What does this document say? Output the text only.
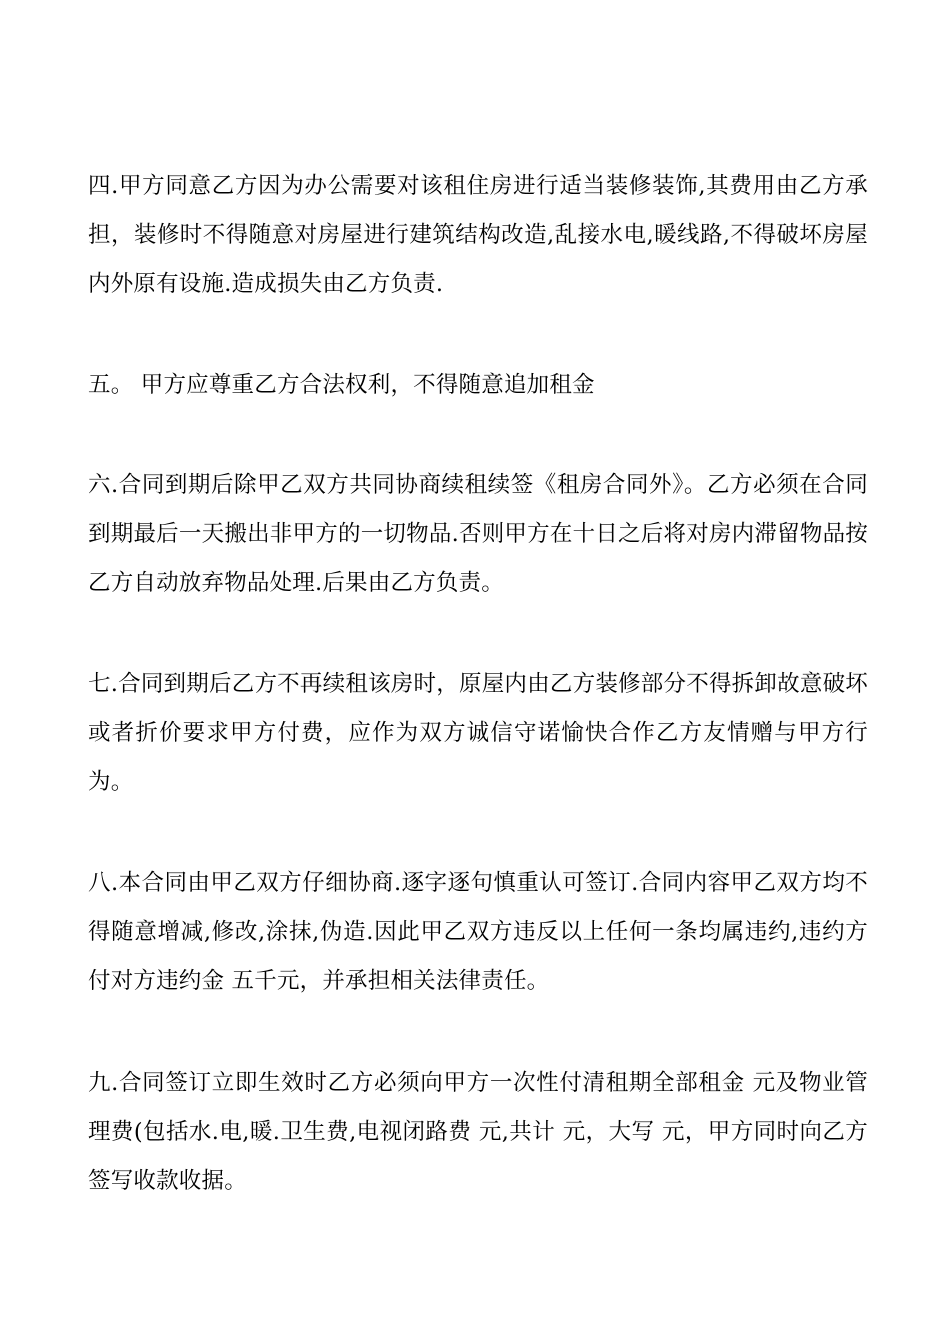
四.甲方同意乙方因为办公需要对该租住房进行适当装修装饰,其费用由乙方承担，装修时不得随意对房屋进行建筑结构改造,乱接水电,暖线路,不得破坏房屋内外原有设施.造成损失由乙方负责.

五。 甲方应尊重乙方合法权利，不得随意追加租金

六.合同到期后除甲乙双方共同协商续租续签《租房合同外》。乙方必须在合同到期最后一天搬出非甲方的一切物品.否则甲方在十日之后将对房内滞留物品按乙方自动放弃物品处理.后果由乙方负责。

七.合同到期后乙方不再续租该房时，原屋内由乙方装修部分不得拆卸故意破坏或者折价要求甲方付费，应作为双方诚信守诺愉快合作乙方友情赠与甲方行为。

八.本合同由甲乙双方仔细协商.逐字逐句慎重认可签订.合同内容甲乙双方均不得随意增减,修改,涂抹,伪造.因此甲乙双方违反以上任何一条均属违约,违约方付对方违约金 五千元，并承担相关法律责任。

九.合同签订立即生效时乙方必须向甲方一次性付清租期全部租金 元及物业管理费(包括水.电,暖.卫生费,电视闭路费 元,共计 元，大写 元，甲方同时向乙方签写收款收据。
